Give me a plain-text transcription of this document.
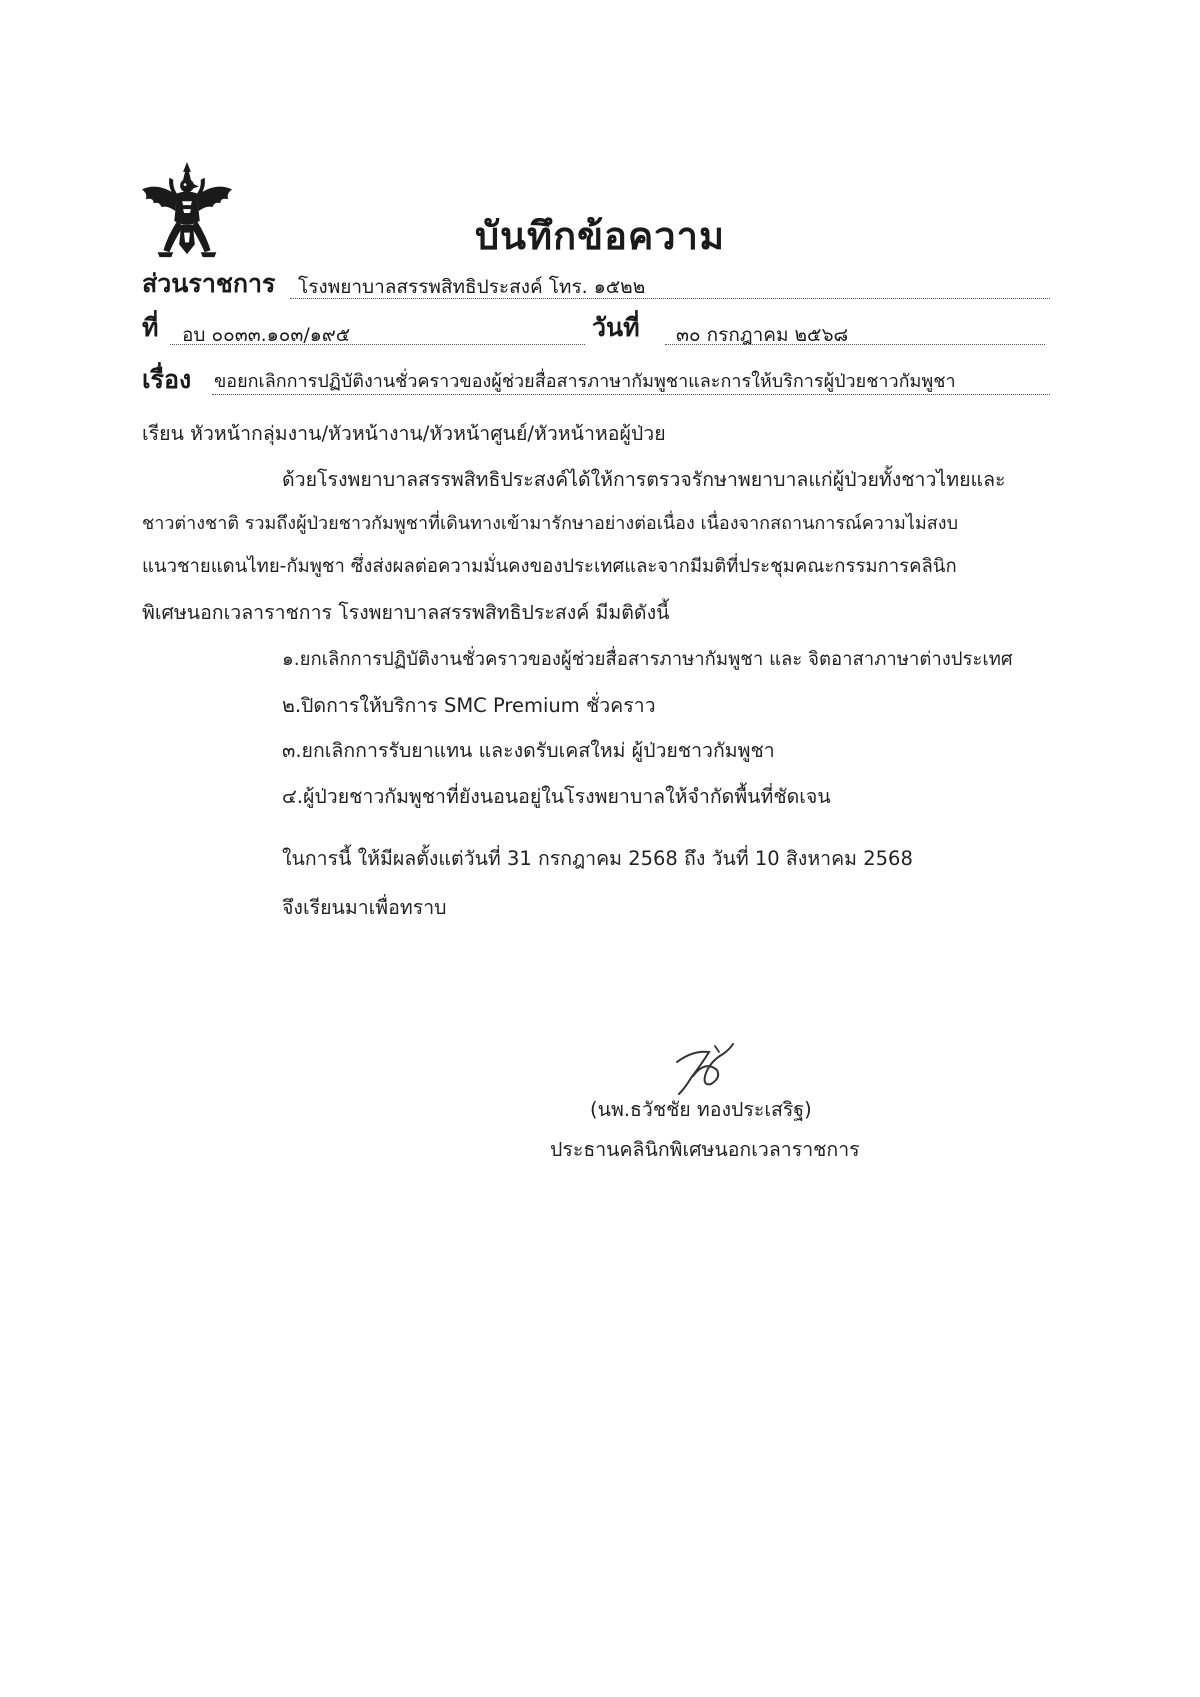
บันทึกข้อความ
ส่วนราชการ โรงพยาบาลสรรพสิทธิประสงค์ โทร. ๑๕๒๒
ที่ อบ ๐๐๓๓.๑๐๓/๑๙๕	วันที่ ๓๐ กรกฎาคม ๒๕๖๘
เรื่อง ขอยกเลิกการปฏิบัติงานชั่วคราวของผู้ช่วยสื่อสารภาษากัมพูชาและการให้บริการผู้ป่วยชาวกัมพูชา
เรียน หัวหน้ากลุ่มงาน/หัวหน้างาน/หัวหน้าศูนย์/หัวหน้าหอผู้ป่วย
ด้วยโรงพยาบาลสรรพสิทธิประสงค์ได้ให้การตรวจรักษาพยาบาลแก่ผู้ป่วยทั้งชาวไทยและ
ชาวต่างชาติ รวมถึงผู้ป่วยชาวกัมพูชาที่เดินทางเข้ามารักษาอย่างต่อเนื่อง เนื่องจากสถานการณ์ความไม่สงบ
แนวชายแดนไทย-กัมพูชา ซึ่งส่งผลต่อความมั่นคงของประเทศและจากมีมติที่ประชุมคณะกรรมการคลินิก
พิเศษนอกเวลาราชการ โรงพยาบาลสรรพสิทธิประสงค์ มีมติดังนี้
๑.ยกเลิกการปฏิบัติงานชั่วคราวของผู้ช่วยสื่อสารภาษากัมพูชา และ จิตอาสาภาษาต่างประเทศ
๒.ปิดการให้บริการ SMC Premium ชั่วคราว
๓.ยกเลิกการรับยาแทน และงดรับเคสใหม่ ผู้ป่วยชาวกัมพูชา
๔.ผู้ป่วยชาวกัมพูชาที่ยังนอนอยู่ในโรงพยาบาลให้จำกัดพื้นที่ชัดเจน
ในการนี้ ให้มีผลตั้งแต่วันที่ 31 กรกฎาคม 2568 ถึง วันที่ 10 สิงหาคม 2568
จึงเรียนมาเพื่อทราบ
(นพ.ธวัชชัย ทองประเสริฐ)
ประธานคลินิกพิเศษนอกเวลาราชการ
